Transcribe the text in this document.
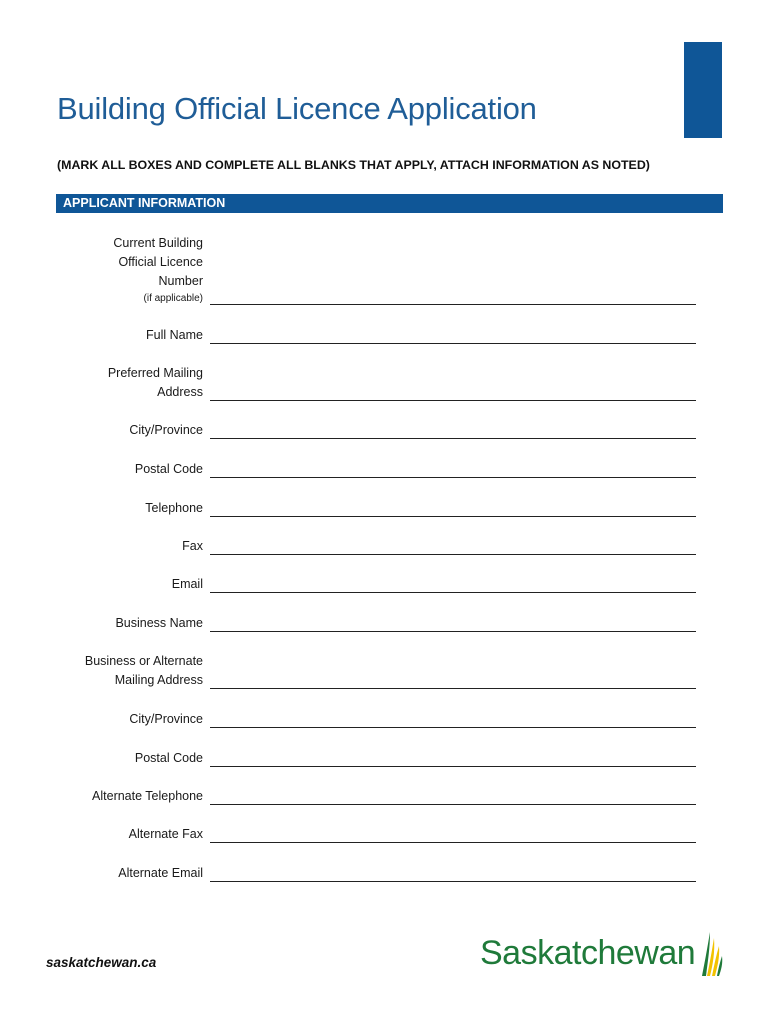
Building Official Licence Application
(MARK ALL BOXES AND COMPLETE ALL BLANKS THAT APPLY, ATTACH INFORMATION AS NOTED)
APPLICANT INFORMATION
Current Building
Official Licence
Number
(if applicable)
Full Name
Preferred Mailing
Address
City/Province
Postal Code
Telephone
Fax
Email
Business Name
Business or Alternate
Mailing Address
City/Province
Postal Code
Alternate Telephone
Alternate Fax
Alternate Email
saskatchewan.ca	Saskatchewan
